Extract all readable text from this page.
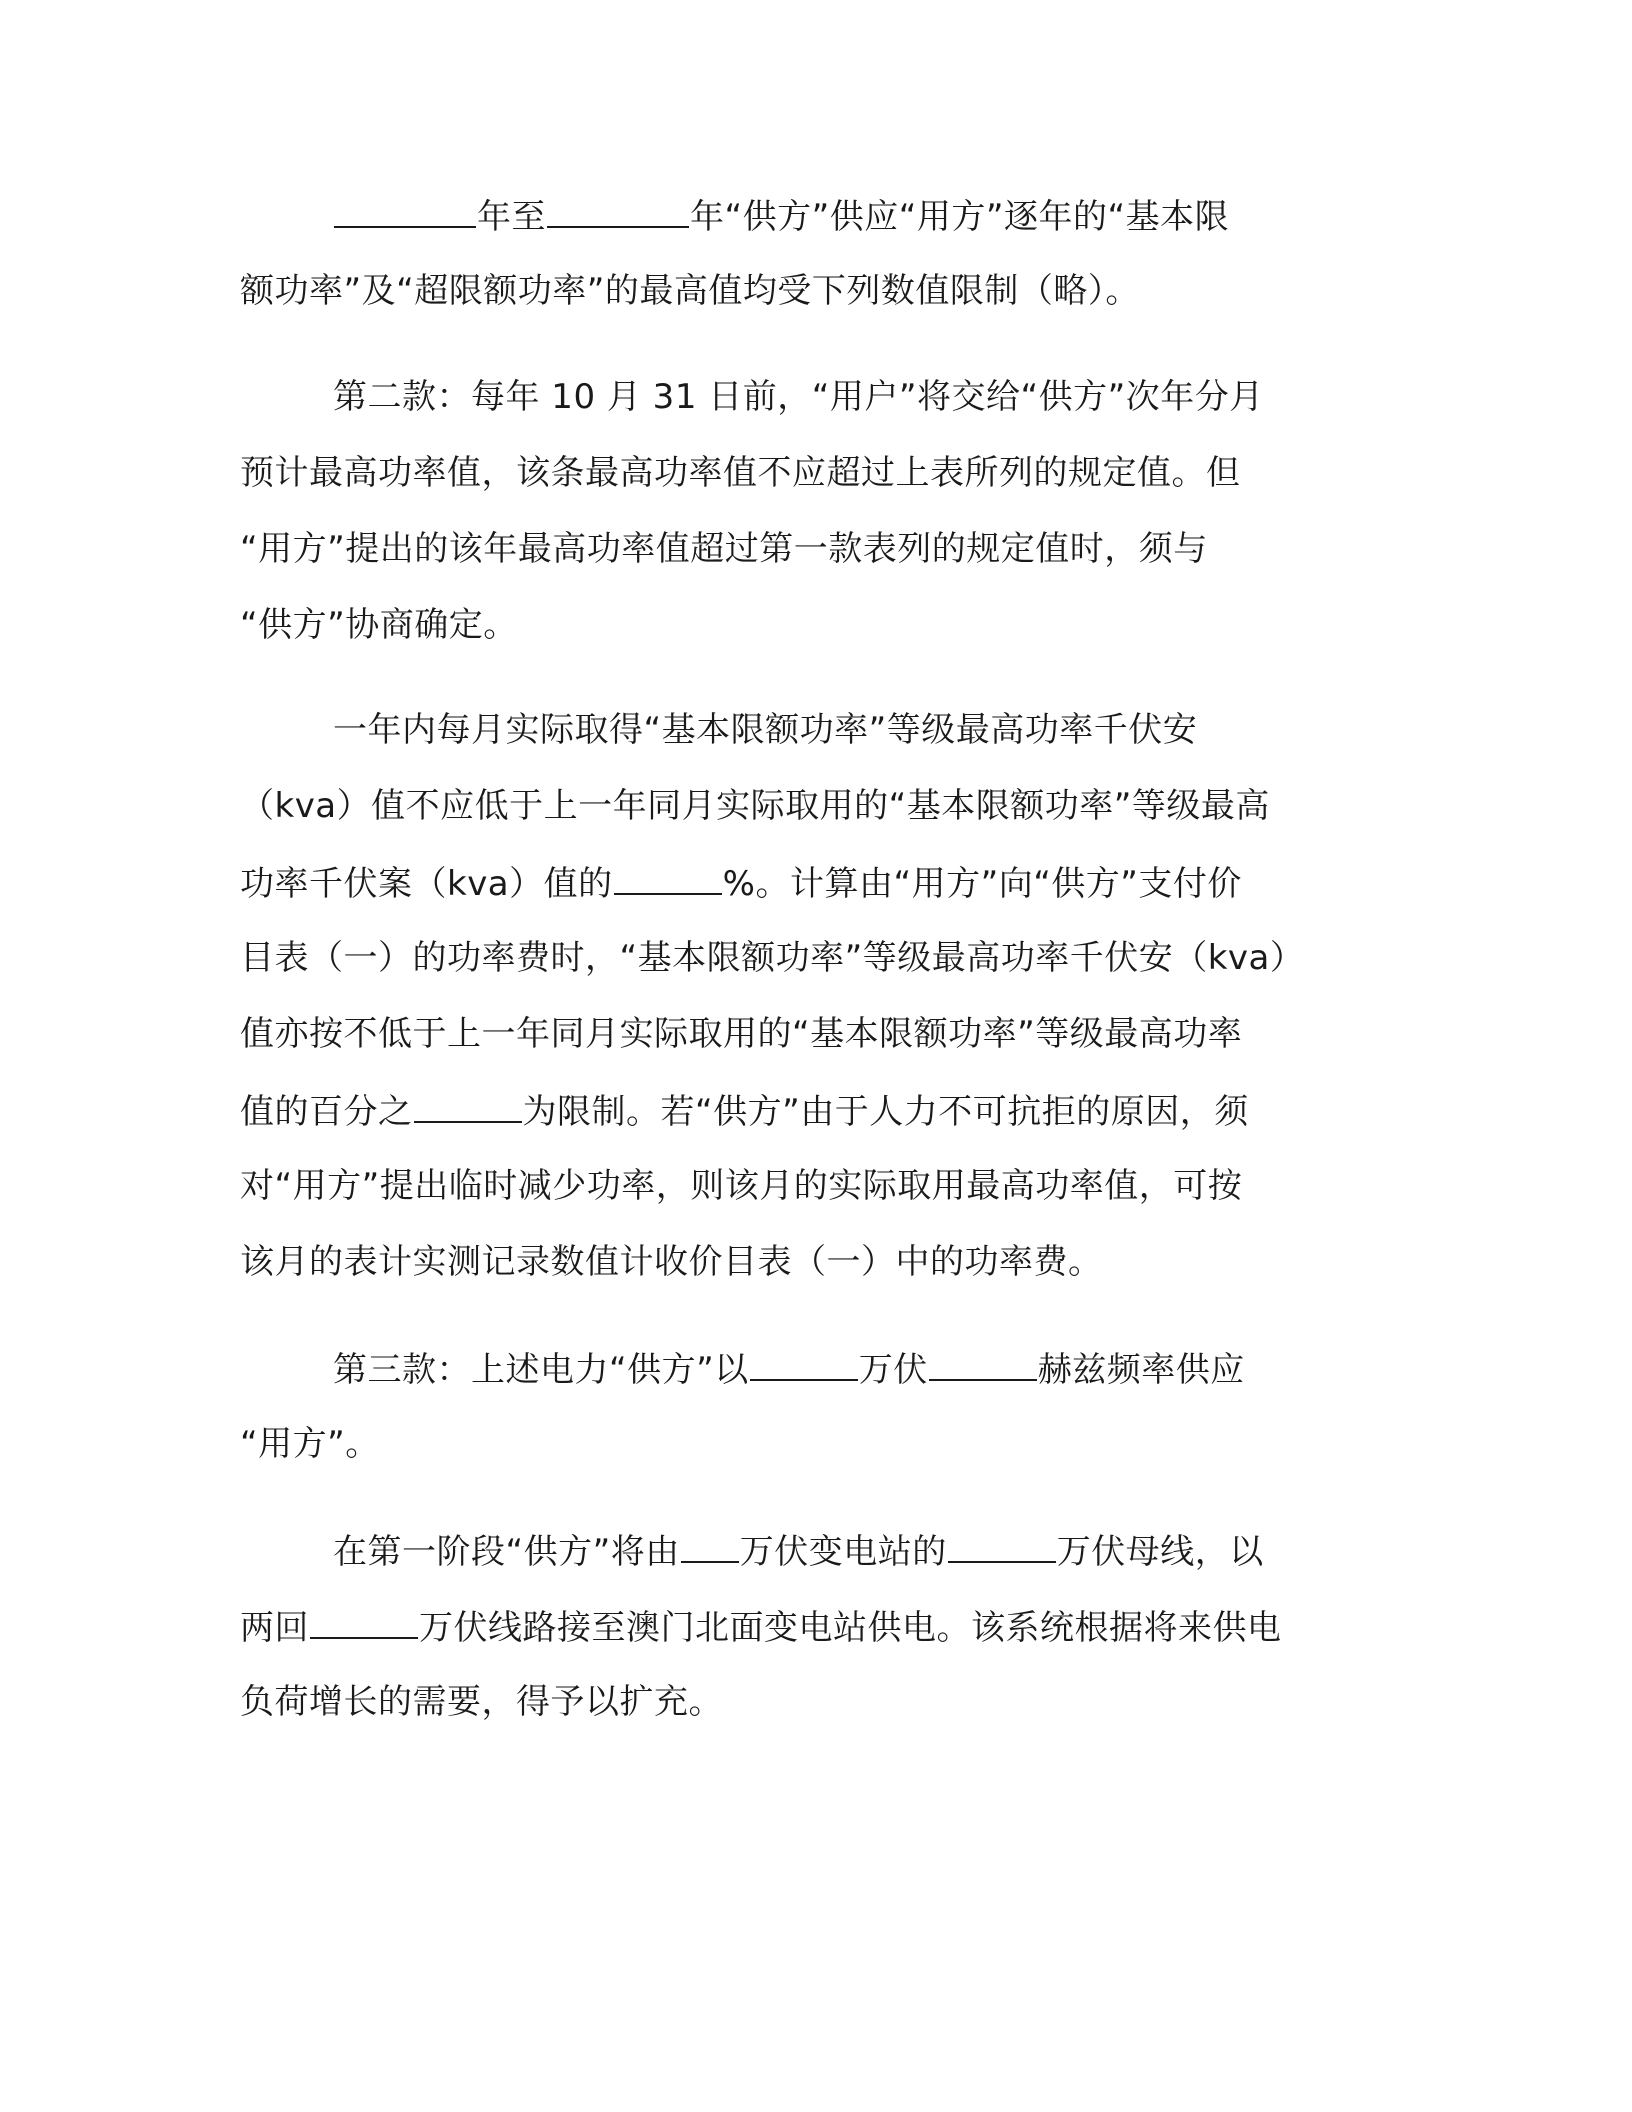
年至	年“供方”供应“用方”逐年的“基本限
额功率”及“超限额功率”的最高值均受下列数值限制（略）。
第二款：每年 10 月 31 日前，“用户”将交给“供方”次年分月
预计最高功率值，该条最高功率值不应超过上表所列的规定值。但
“用方”提出的该年最高功率值超过第一款表列的规定值时，须与
“供方”协商确定。
一年内每月实际取得“基本限额功率”等级最高功率千伏安
（kva）值不应低于上一年同月实际取用的“基本限额功率”等级最高
功率千伏案（kva）值的	%。计算由“用方”向“供方”支付价
目表（一）的功率费时，“基本限额功率”等级最高功率千伏安（kva）
值亦按不低于上一年同月实际取用的“基本限额功率”等级最高功率
值的百分之	为限制。若“供方”由于人力不可抗拒的原因，须
对“用方”提出临时减少功率，则该月的实际取用最高功率值，可按
该月的表计实测记录数值计收价目表（一）中的功率费。
第三款：上述电力“供方”以	万伏	赫兹频率供应
“用方”。
在第一阶段“供方”将由 万伏变电站的	万伏母线，以
两回	万伏线路接至澳门北面变电站供电。该系统根据将来供电
负荷增长的需要，得予以扩充。
